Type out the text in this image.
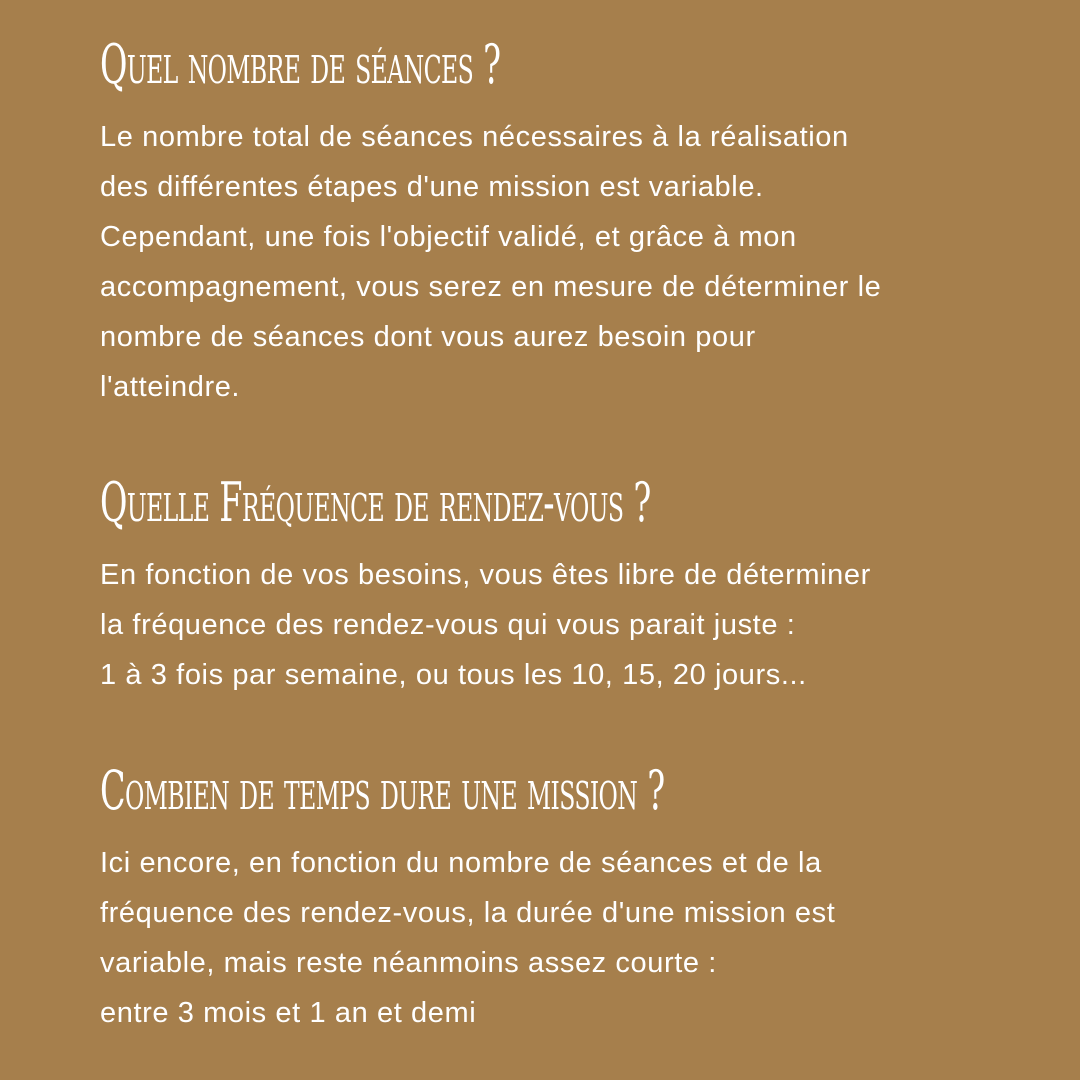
Quel nombre de séances ?

Le nombre total de séances nécessaires à la réalisation
des différentes étapes d'une mission est variable.
Cependant, une fois l'objectif validé, et grâce à mon
accompagnement, vous serez en mesure de déterminer le
nombre de séances dont vous aurez besoin pour
l'atteindre.

Quelle Fréquence de rendez-vous ?

En fonction de vos besoins, vous êtes libre de déterminer
la fréquence des rendez-vous qui vous parait juste :
1 à 3 fois par semaine, ou tous les 10, 15, 20 jours...

Combien de temps dure une mission ?

Ici encore, en fonction du nombre de séances et de la
fréquence des rendez-vous, la durée d'une mission est
variable, mais reste néanmoins assez courte :
entre 3 mois et 1 an et demi
